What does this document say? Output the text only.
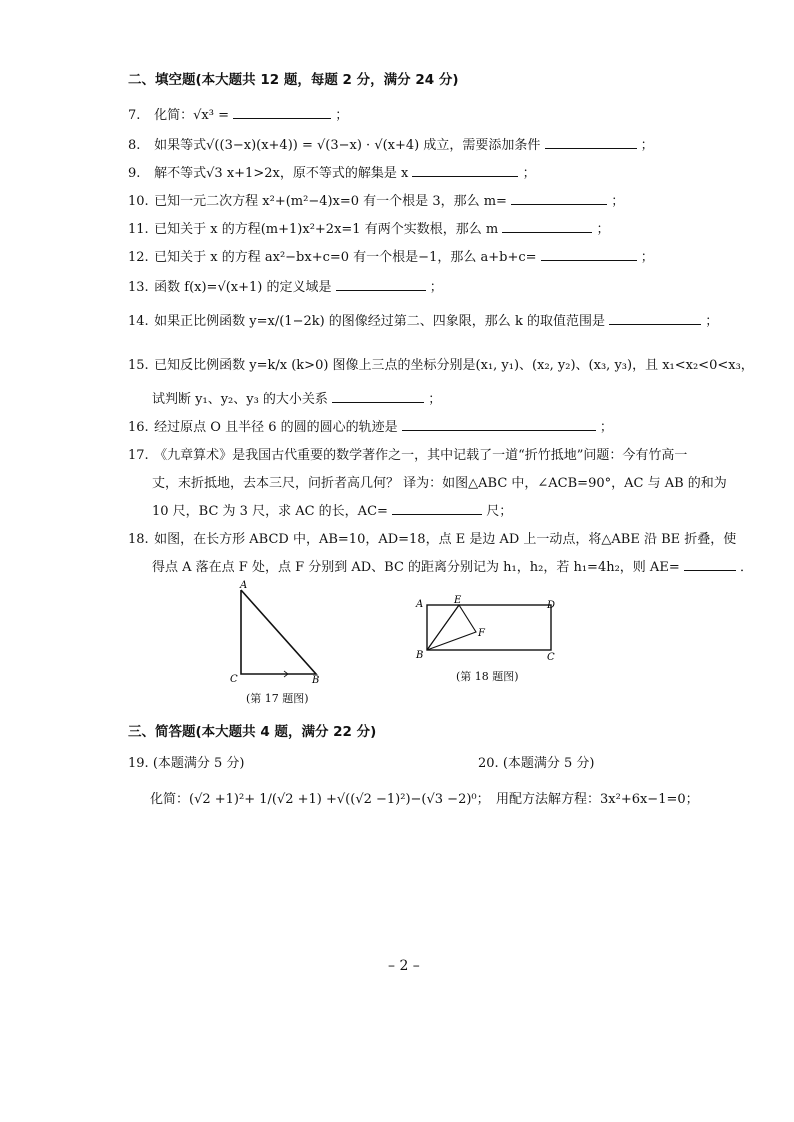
二、填空题(本大题共 12 题，每题 2 分，满分 24 分)
7. 化简：√x³ =	；
8. 如果等式√((3−x)(x+4)) = √(3−x) · √(x+4) 成立，需要添加条件	；
9. 解不等式√3 x+1>2x，原不等式的解集是 x	；
10. 已知一元二次方程 x²+(m²−4)x=0 有一个根是 3，那么 m=	；
11. 已知关于 x 的方程(m+1)x²+2x=1 有两个实数根，那么 m	；
12. 已知关于 x 的方程 ax²−bx+c=0 有一个根是−1，那么 a+b+c=	；
13. 函数 f(x)=√(x+1) 的定义域是	；
14. 如果正比例函数 y=x/(1−2k) 的图像经过第二、四象限，那么 k 的取值范围是	；
15. 已知反比例函数 y=k/x (k>0) 图像上三点的坐标分别是(x₁, y₁)、(x₂, y₂)、(x₃, y₃)，且 x₁<x₂<0<x₃，
试判断 y₁、y₂、y₃ 的大小关系	；
16. 经过原点 O 且半径 6 的圆的圆心的轨迹是	；
17. 《九章算术》是我国古代重要的数学著作之一，其中记载了一道“折竹抵地”问题：今有竹高一
丈，末折抵地，去本三尺，问折者高几何？ 译为：如图△ABC 中，∠ACB=90°，AC 与 AB 的和为
10 尺，BC 为 3 尺，求 AC 的长，AC=	尺；
18. 如图，在长方形 ABCD 中，AB=10，AD=18，点 E 是边 AD 上一动点，将△ABE 沿 BE 折叠，使
得点 A 落在点 F 处，点 F 分别到 AD、BC 的距离分别记为 h₁，h₂，若 h₁=4h₂，则 AE=	．
A
C	B
(第 17 题图)
A	E	D
F
B	C
(第 18 题图)
三、简答题(本大题共 4 题，满分 22 分)
19. (本题满分 5 分)	20. (本题满分 5 分)
化简：(√2 +1)²+ 1/(√2 +1) +√((√2 −1)²)−(√3 −2)⁰； 用配方法解方程：3x²+6x−1=0；
– 2 –
